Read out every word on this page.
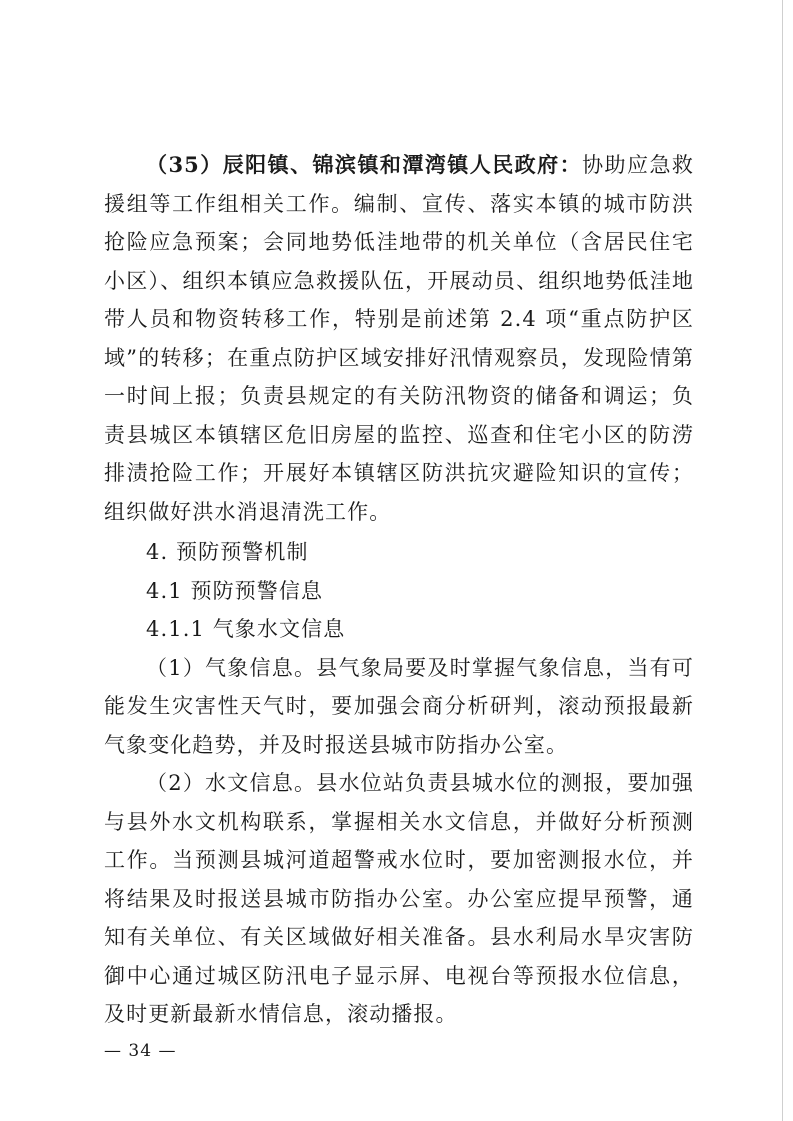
（35）辰阳镇、锦滨镇和潭湾镇人民政府：协助应急救援组等工作组相关工作。编制、宣传、落实本镇的城市防洪抢险应急预案；会同地势低洼地带的机关单位（含居民住宅小区）、组织本镇应急救援队伍，开展动员、组织地势低洼地带人员和物资转移工作，特别是前述第 2.4 项“重点防护区域”的转移；在重点防护区域安排好汛情观察员，发现险情第一时间上报；负责县规定的有关防汛物资的储备和调运；负责县城区本镇辖区危旧房屋的监控、巡查和住宅小区的防涝排渍抢险工作；开展好本镇辖区防洪抗灾避险知识的宣传；组织做好洪水消退清洗工作。

4. 预防预警机制

4.1 预防预警信息

4.1.1 气象水文信息

（1）气象信息。县气象局要及时掌握气象信息，当有可能发生灾害性天气时，要加强会商分析研判，滚动预报最新气象变化趋势，并及时报送县城市防指办公室。

（2）水文信息。县水位站负责县城水位的测报，要加强与县外水文机构联系，掌握相关水文信息，并做好分析预测工作。当预测县城河道超警戒水位时，要加密测报水位，并将结果及时报送县城市防指办公室。办公室应提早预警，通知有关单位、有关区域做好相关准备。县水利局水旱灾害防御中心通过城区防汛电子显示屏、电视台等预报水位信息，及时更新最新水情信息，滚动播报。

— 34 —
